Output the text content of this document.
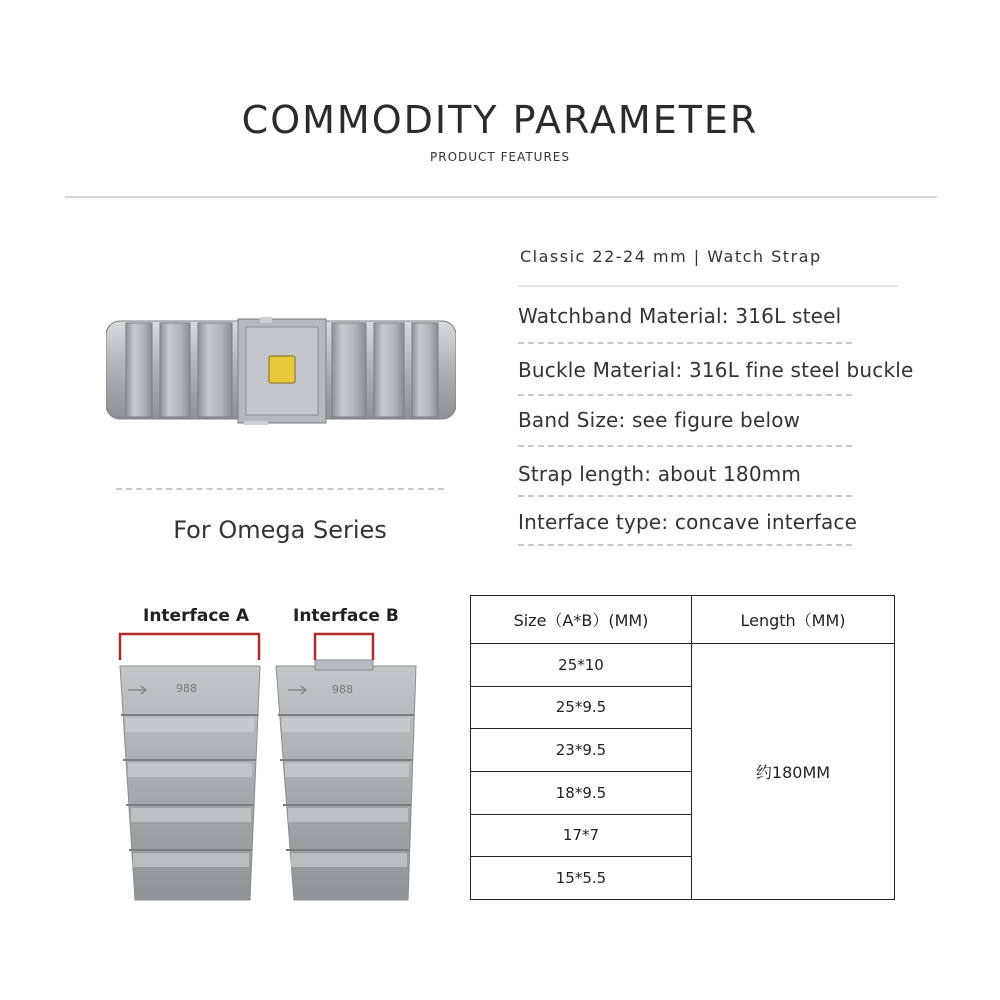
COMMODITY PARAMETER
PRODUCT FEATURES
For Omega Series
Classic 22-24 mm | Watch Strap
Watchband Material: 316L steel
Buckle Material: 316L fine steel buckle
Band Size: see figure below
Strap length: about 180mm
Interface type: concave interface
Interface A	Interface B
988	988
Size（A*B）(MM)	Length（MM)
25*10	约180MM
25*9.5	
23*9.5	
18*9.5	
17*7	
15*5.5	
